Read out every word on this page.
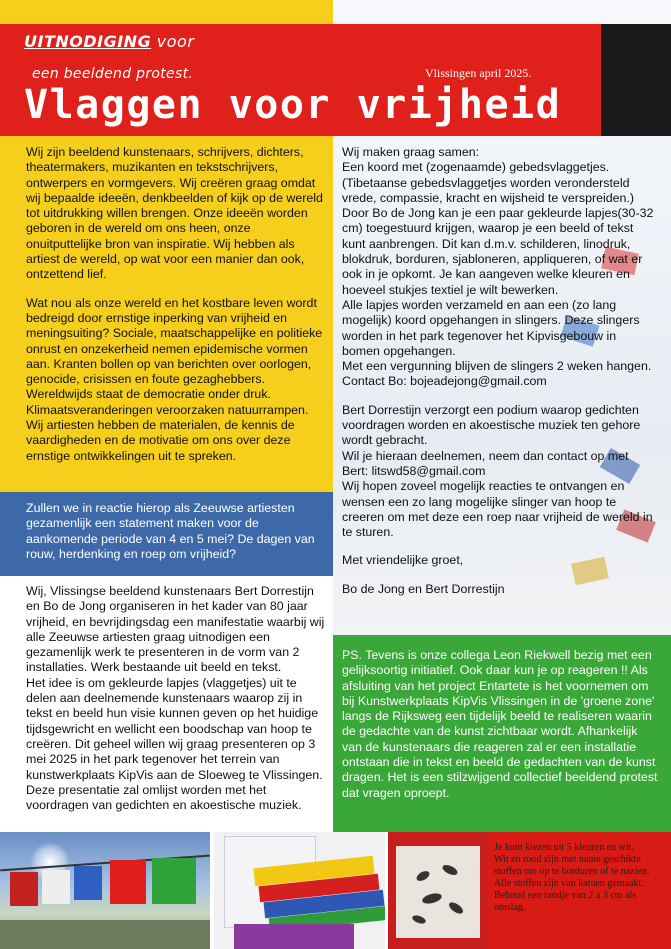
UITNODIGING voor
een beeldend protest.	Vlissingen april 2025.
Vlaggen voor vrijheid

Wij zijn beeldend kunstenaars, schrijvers, dichters, theatermakers, muzikanten en tekstschrijvers, ontwerpers en vormgevers. Wij creëren graag omdat wij bepaalde ideeën, denkbeelden of kijk op de wereld tot uitdrukking willen brengen. Onze ideeën worden geboren in de wereld om ons heen, onze onuitputtelijke bron van inspiratie. Wij hebben als artiest de wereld, op wat voor een manier dan ook, ontzettend lief.

Wat nou als onze wereld en het kostbare leven wordt bedreigd door ernstige inperking van vrijheid en meningsuiting? Sociale, maatschappelijke en politieke onrust en onzekerheid nemen epidemische vormen aan. Kranten bollen op van berichten over oorlogen, genocide, crisissen en foute gezaghebbers. Wereldwijds staat de democratie onder druk. Klimaatsveranderingen veroorzaken natuurrampen. Wij artiesten hebben de materialen, de kennis de vaardigheden en de motivatie om ons over deze ernstige ontwikkelingen uit te spreken.

Zullen we in reactie hierop als Zeeuwse artiesten gezamenlijk een statement maken voor de aankomende periode van 4 en 5 mei? De dagen van rouw, herdenking en roep om vrijheid?

Wij, Vlissingse beeldend kunstenaars Bert Dorrestijn en Bo de Jong organiseren in het kader van 80 jaar vrijheid, en bevrijdingsdag een manifestatie waarbij wij alle Zeeuwse artiesten graag uitnodigen een gezamenlijk werk te presenteren in de vorm van 2 installaties. Werk bestaande uit beeld en tekst.

Het idee is om gekleurde lapjes (vlaggetjes) uit te delen aan deelnemende kunstenaars waarop zij in tekst en beeld hun visie kunnen geven op het huidige tijdsgewricht en wellicht een boodschap van hoop te creëren. Dit geheel willen wij graag presenteren op 3 mei 2025 in het park tegenover het terrein van kunstwerkplaats KipVis aan de Sloeweg te Vlissingen. Deze presentatie zal omlijst worden met het voordragen van gedichten en akoestische muziek.

Wij maken graag samen:

Een koord met (zogenaamde) gebedsvlaggetjes. (Tibetaanse gebedsvlaggetjes worden verondersteld vrede, compassie, kracht en wijsheid te verspreiden.) Door Bo de Jong kan je een paar gekleurde lapjes(30-32 cm) toegestuurd krijgen, waarop je een beeld of tekst kunt aanbrengen. Dit kan d.m.v. schilderen, linodruk, blokdruk, borduren, sjabloneren, appliqueren, of wat er ook in je opkomt. Je kan aangeven welke kleuren en hoeveel stukjes textiel je wilt bewerken.

Alle lapjes worden verzameld en aan een (zo lang mogelijk) koord opgehangen in slingers. Deze slingers worden in het park tegenover het Kipvisgebouw in bomen opgehangen.

Met een vergunning blijven de slingers 2 weken hangen.

Contact Bo: bojeadejong@gmail.com

Bert Dorrestijn verzorgt een podium waarop gedichten voordragen worden en akoestische muziek ten gehore wordt gebracht.

Wil je hieraan deelnemen, neem dan contact op met Bert: litswd58@gmail.com

Wij hopen zoveel mogelijk reacties te ontvangen en wensen een zo lang mogelijke slinger van hoop te creeren om met deze een roep naar vrijheid de wereld in te sturen.

Met vriendelijke groet,

Bo de Jong en Bert Dorrestijn

PS. Tevens is onze collega Leon Riekwell bezig met een gelijksoortig initiatief. Ook daar kun je op reageren !! Als afsluiting van het project Entartete is het voornemen om bij Kunstwerkplaats KipVis Vlissingen in de 'groene zone' langs de Rijksweg een tijdelijk beeld te realiseren waarin de gedachte van de kunst zichtbaar wordt. Afhankelijk van de kunstenaars die reageren zal er een installatie ontstaan die in tekst en beeld de gedachten van de kunst dragen. Het is een stilzwijgend collectief beeldend protest dat vragen oproept.

Je kunt kiezen uit 5 kleuren en wit.

Wit en rood zijn met name geschikte stoffen om op te borduren of te nazien.

Alle stoffen zijn van katoen gemaakt.

Behoud een randje van 2 a 3 cm als omslag.
